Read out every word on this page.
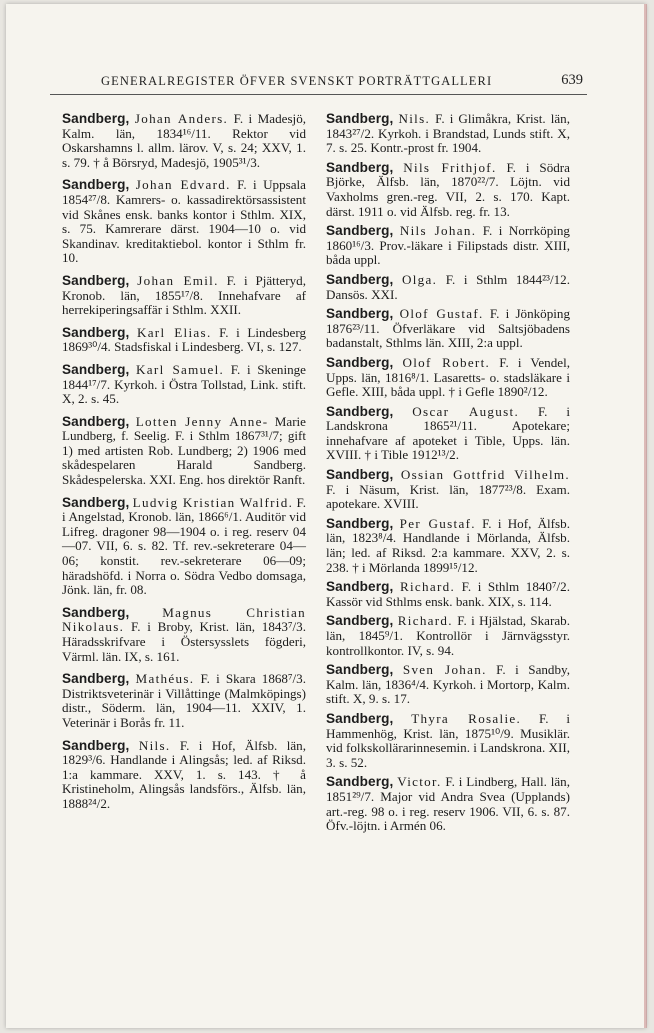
GENERALREGISTER ÖFVER SVENSKT PORTRÄTTGALLERI	639

Sandberg, Johan Anders. F. i Madesjö, Kalm. län, 1834¹⁶/11. Rektor vid Oskarshamns l. allm. lärov. V, s. 24; XXV, 1. s. 79. † å Börsryd, Madesjö, 1905³¹/3.

Sandberg, Johan Edvard. F. i Uppsala 1854²⁷/8. Kamrers- o. kassadirektörsassistent vid Skånes ensk. banks kontor i Sthlm. XIX, s. 75. Kamrerare därst. 1904—10 o. vid Skandinav. kreditaktiebol. kontor i Sthlm fr. 10.

Sandberg, Johan Emil. F. i Pjätteryd, Kronob. län, 1855¹⁷/8. Innehafvare af herrekiperingsaffär i Sthlm. XXII.

Sandberg, Karl Elias. F. i Lindesberg 1869³⁰/4. Stadsfiskal i Lindesberg. VI, s. 127.

Sandberg, Karl Samuel. F. i Skeninge 1844¹⁷/7. Kyrkoh. i Östra Tollstad, Link. stift. X, 2. s. 45.

Sandberg, Lotten Jenny Anne- Marie Lundberg, f. Seelig. F. i Sthlm 1867³¹/7; gift 1) med artisten Rob. Lundberg; 2) 1906 med skådespelaren Harald Sandberg. Skådespelerska. XXI. Eng. hos direktör Ranft.

Sandberg, Ludvig Kristian Walfrid. F. i Angelstad, Kronob. län, 1866⁶/1. Auditör vid Lifreg. dragoner 98—1904 o. i reg. reserv 04—07. VII, 6. s. 82. Tf. rev.-sekreterare 04—06; konstit. rev.-sekreterare 06—09; häradshöfd. i Norra o. Södra Vedbo domsaga, Jönk. län, fr. 08.

Sandberg,	Magnus Christian Nikolaus. F. i Broby, Krist. län, 1843⁷/3. Häradsskrifvare i Östersysslets fögderi, Värml. län. IX, s. 161.

Sandberg, Mathéus. F. i Skara 1868⁷/3. Distriktsveterinär i Villåttinge (Malmköpings) distr., Söderm. län, 1904—11. XXIV, 1. Veterinär i Borås fr. 11.

Sandberg, Nils. F. i Hof, Älfsb. län, 1829³/6. Handlande i Alingsås; led. af Riksd. 1:a kammare. XXV, 1. s. 143. † å Kristineholm, Alingsås landsförs., Älfsb. län, 1888²⁴/2.

Sandberg, Nils. F. i Glimåkra, Krist. län, 1843²⁷/2. Kyrkoh. i Brandstad, Lunds stift. X, 7. s. 25. Kontr.-prost fr. 1904.

Sandberg, Nils Frithjof. F. i Södra Björke, Älfsb. län, 1870²²/7. Löjtn. vid Vaxholms gren.-reg. VII, 2. s. 170. Kapt. därst. 1911 o. vid Älfsb. reg. fr. 13.

Sandberg, Nils Johan. F. i Norrköping 1860¹⁶/3. Prov.-läkare i Filipstads distr. XIII, båda uppl.

Sandberg, Olga. F. i Sthlm 1844²³/12. Dansös. XXI.

Sandberg, Olof Gustaf. F. i Jönköping 1876²³/11. Öfverläkare vid Saltsjöbadens badanstalt, Sthlms län. XIII, 2:a uppl.

Sandberg, Olof Robert. F. i Vendel, Upps. län, 1816⁸/1. Lasaretts- o. stadsläkare i Gefle. XIII, båda uppl. † i Gefle 1890²/12.

Sandberg, Oscar August. F. i Landskrona 1865²¹/11. Apotekare; innehafvare af apoteket i Tible, Upps. län. XVIII. † i Tible 1912¹³/2.

Sandberg, Ossian Gottfrid Vilhelm. F. i Näsum, Krist. län, 1877²³/8. Exam. apotekare. XVIII.

Sandberg, Per Gustaf. F. i Hof, Älfsb. län, 1823⁸/4. Handlande i Mörlanda, Älfsb. län; led. af Riksd. 2:a kammare. XXV, 2. s. 238. † i Mörlanda 1899¹⁵/12.

Sandberg, Richard. F. i Sthlm 1840⁷/2. Kassör vid Sthlms ensk. bank. XIX, s. 114.

Sandberg, Richard. F. i Hjälstad, Skarab. län, 1845⁹/1. Kontrollör i Järnvägsstyr. kontrollkontor. IV, s. 94.

Sandberg, Sven Johan. F. i Sandby, Kalm. län, 1836⁴/4. Kyrkoh. i Mortorp, Kalm. stift. X, 9. s. 17.

Sandberg, Thyra Rosalie. F. i Hammenhög, Krist. län, 1875¹⁰/9. Musiklär. vid folkskollärarinnesemin. i Landskrona. XII, 3. s. 52.

Sandberg, Victor. F. i Lindberg, Hall. län, 1851²⁹/7. Major vid Andra Svea (Upplands) art.-reg. 98 o. i reg. reserv 1906. VII, 6. s. 87. Öfv.-löjtn. i Armén 06.
